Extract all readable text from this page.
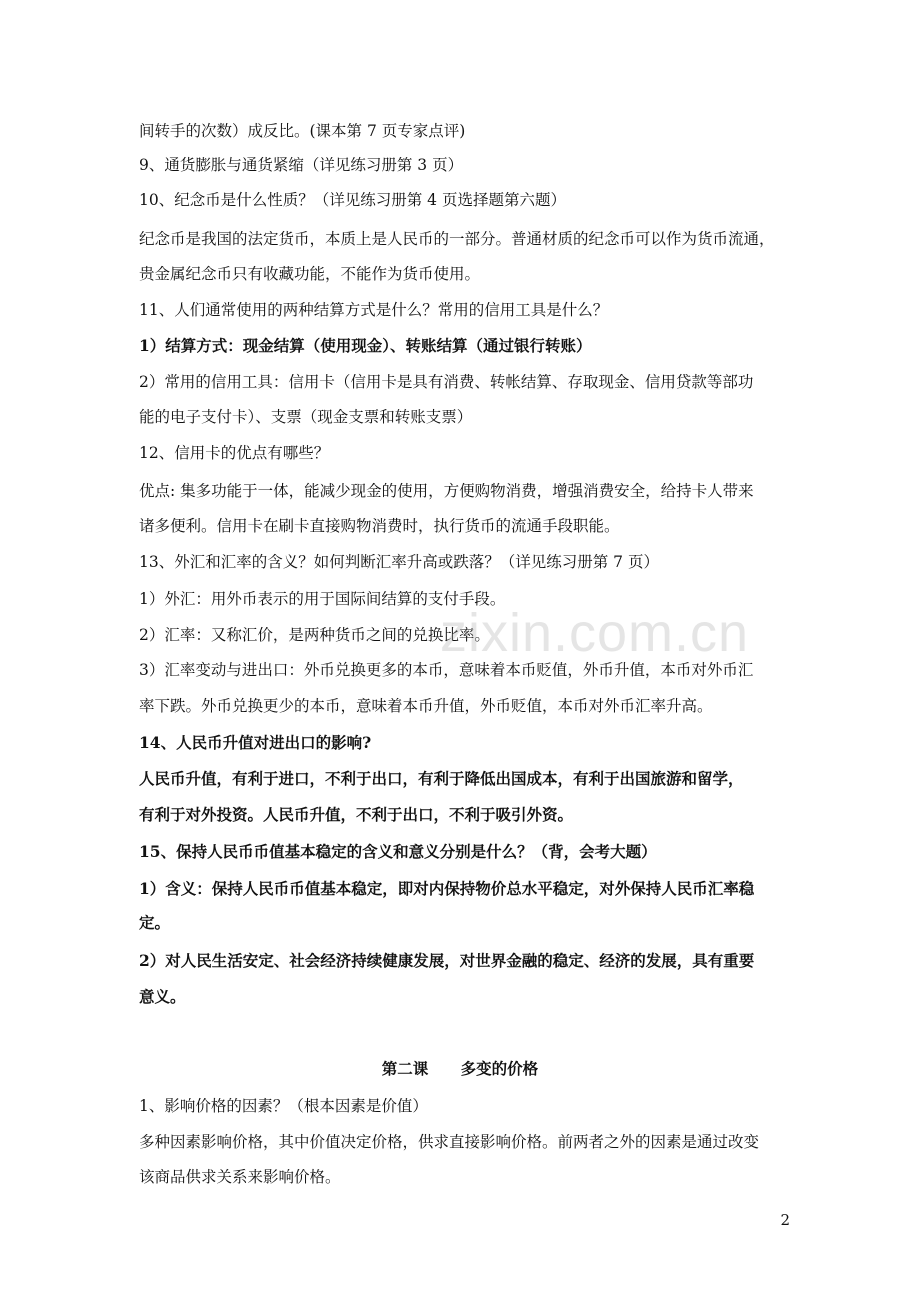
间转手的次数）成反比。(课本第 7 页专家点评)
9、通货膨胀与通货紧缩（详见练习册第 3 页）
10、纪念币是什么性质？（详见练习册第 4 页选择题第六题）
纪念币是我国的法定货币，本质上是人民币的一部分。普通材质的纪念币可以作为货币流通，
贵金属纪念币只有收藏功能，不能作为货币使用。
11、人们通常使用的两种结算方式是什么？常用的信用工具是什么？
1）结算方式：现金结算（使用现金）、转账结算（通过银行转账）
2）常用的信用工具：信用卡（信用卡是具有消费、转帐结算、存取现金、信用贷款等部功
能的电子支付卡）、支票（现金支票和转账支票）
12、信用卡的优点有哪些？
优点: 集多功能于一体，能减少现金的使用，方便购物消费，增强消费安全，给持卡人带来
诸多便利。信用卡在刷卡直接购物消费时，执行货币的流通手段职能。
13、外汇和汇率的含义？如何判断汇率升高或跌落？（详见练习册第 7 页）
1）外汇：用外币表示的用于国际间结算的支付手段。
2）汇率：又称汇价，是两种货币之间的兑换比率。
3）汇率变动与进出口：外币兑换更多的本币，意味着本币贬值，外币升值，本币对外币汇
率下跌。外币兑换更少的本币，意味着本币升值，外币贬值，本币对外币汇率升高。
14、人民币升值对进出口的影响?
人民币升值，有利于进口，不利于出口，有利于降低出国成本，有利于出国旅游和留学，
有利于对外投资。人民币升值，不利于出口，不利于吸引外资。
15、保持人民币币值基本稳定的含义和意义分别是什么？（背，会考大题）
1）含义：保持人民币币值基本稳定，即对内保持物价总水平稳定，对外保持人民币汇率稳
定。
2）对人民生活安定、社会经济持续健康发展，对世界金融的稳定、经济的发展，具有重要
意义。
第二课      多变的价格
1、影响价格的因素？（根本因素是价值）
多种因素影响价格，其中价值决定价格，供求直接影响价格。前两者之外的因素是通过改变
该商品供求关系来影响价格。
2
zixin.com.cn
